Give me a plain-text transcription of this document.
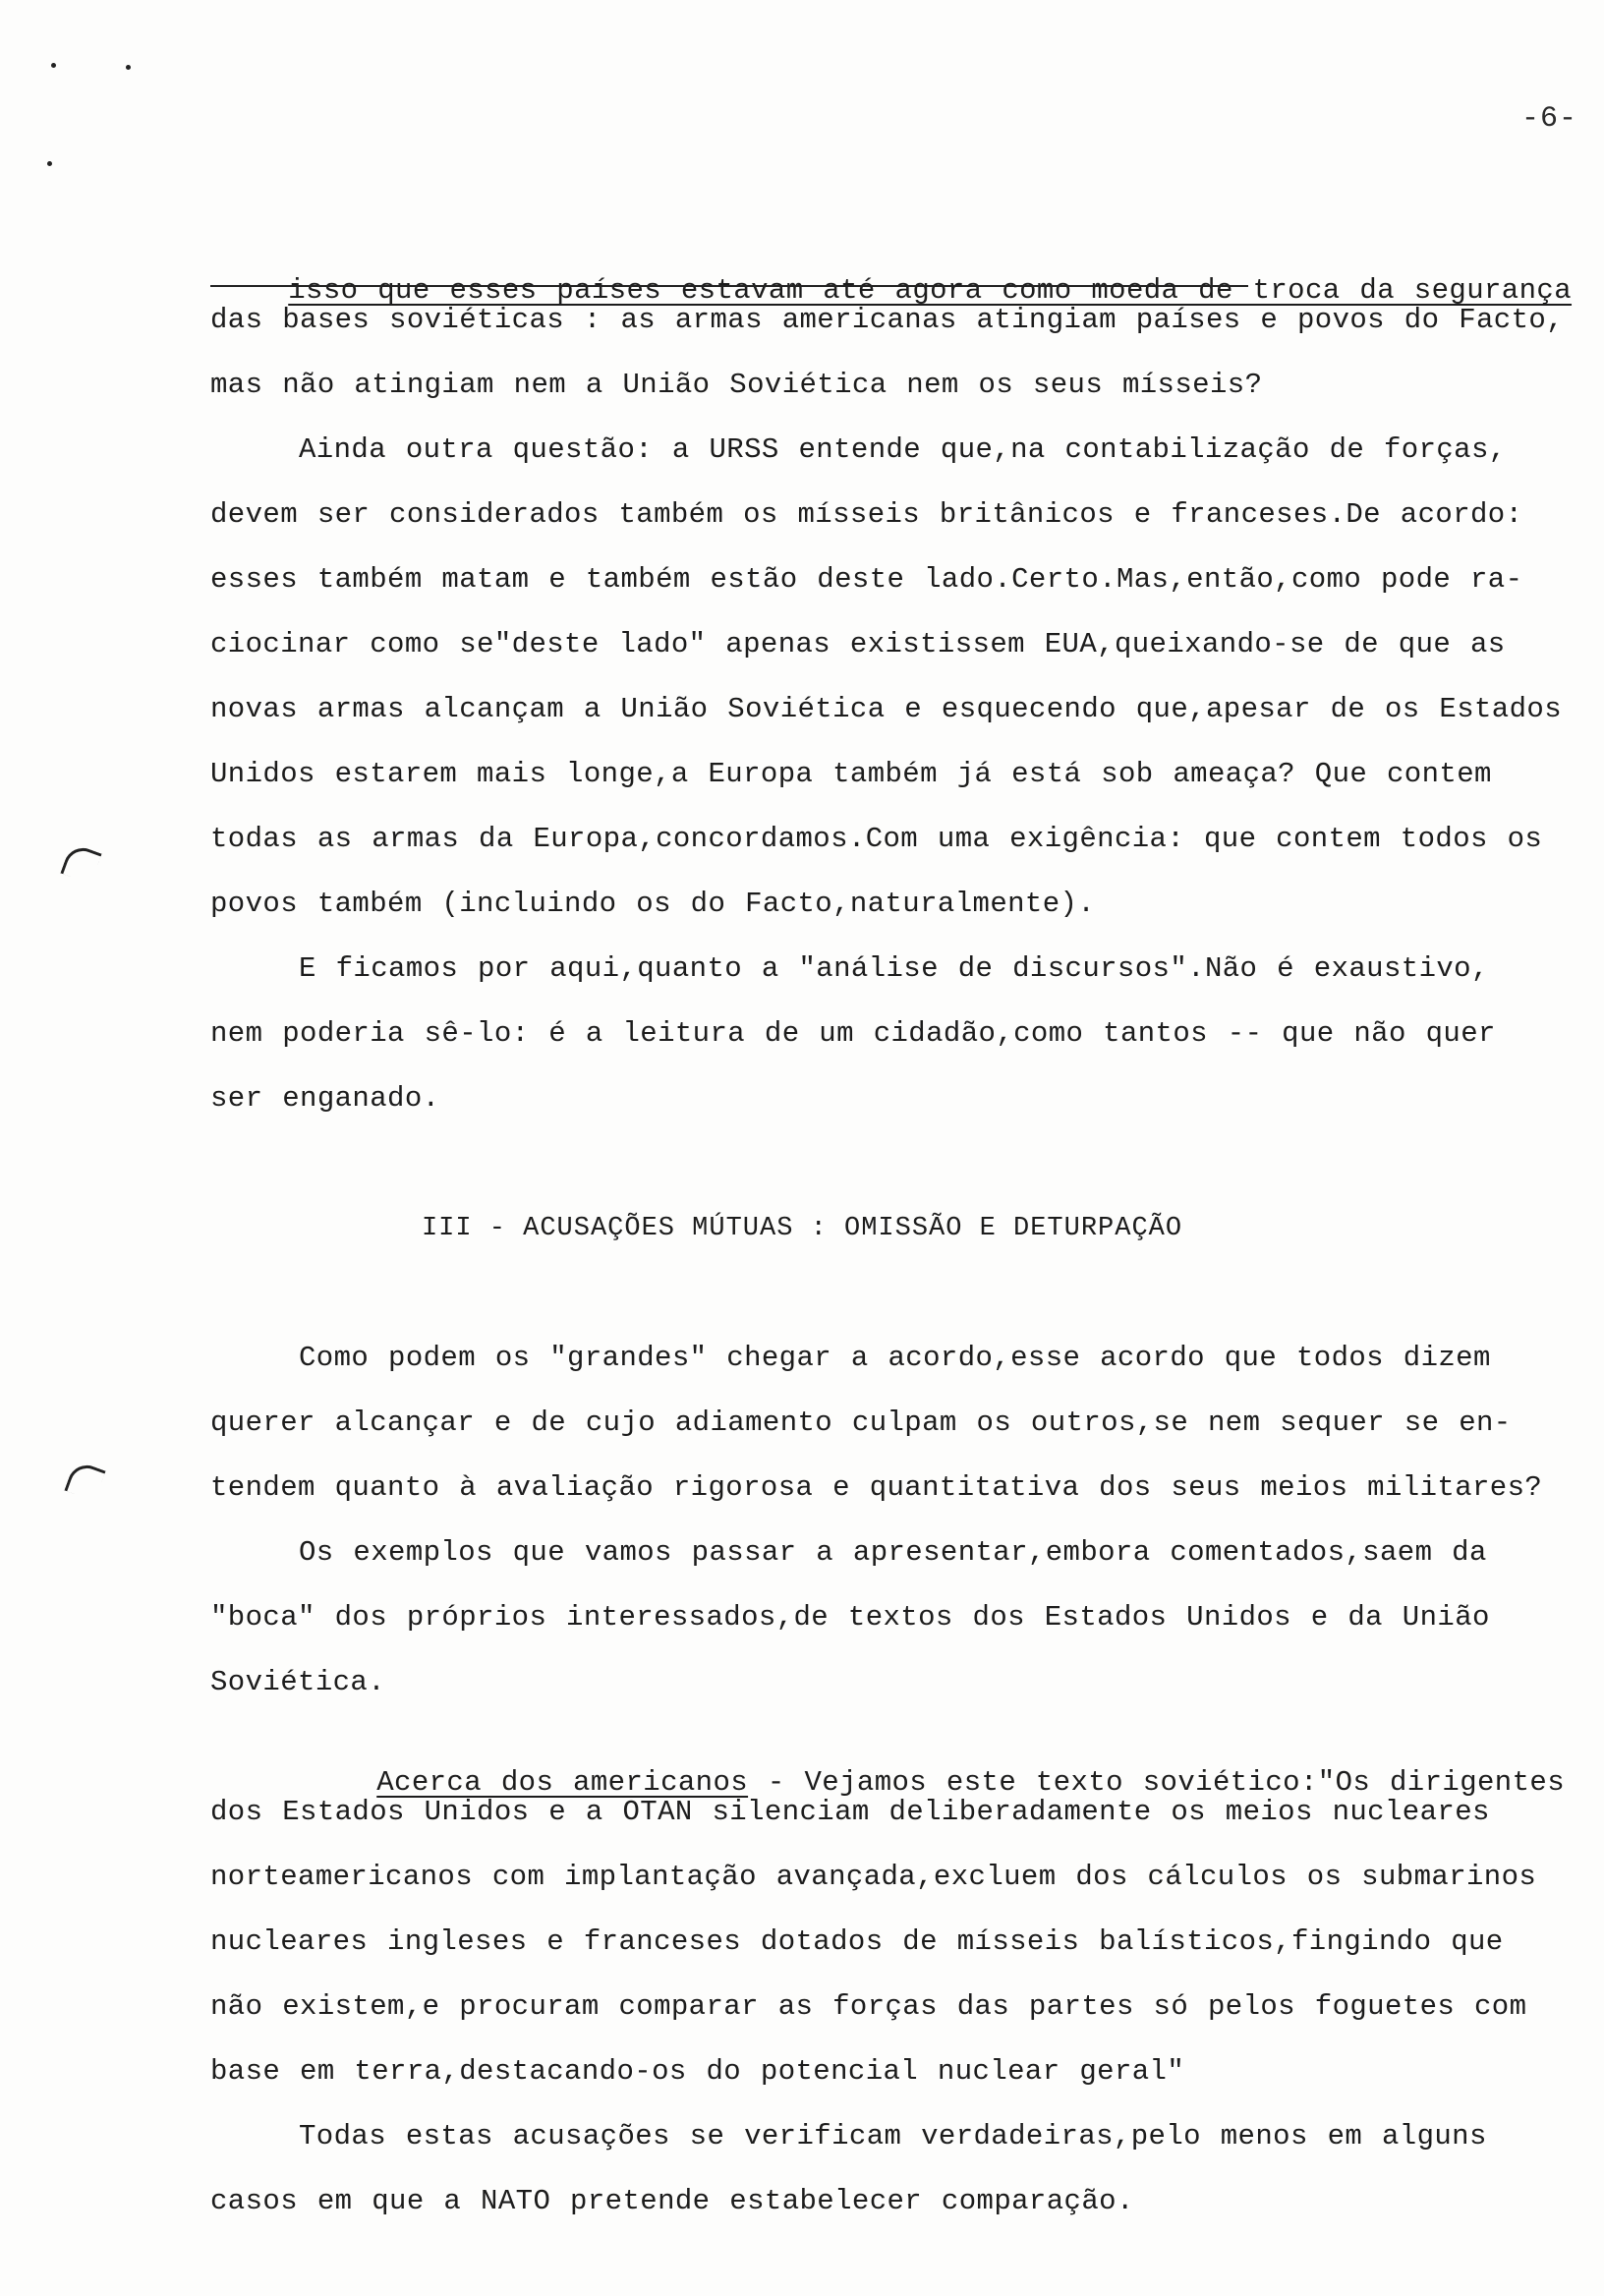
-6-

isso que esses países estavam até agora como moeda de troca da segurança

das bases soviéticas : as armas americanas atingiam países e povos do Facto,
mas não atingiam nem a União Soviética nem os seus mísseis?
Ainda outra questão: a URSS entende que,na contabilização de forças,
devem ser considerados também os mísseis britânicos e franceses.De acordo:
esses também matam e também estão deste lado.Certo.Mas,então,como pode ra-
ciocinar como se"deste lado" apenas existissem EUA,queixando-se de que as
novas armas alcançam a União Soviética e esquecendo que,apesar de os Estados
Unidos estarem mais longe,a Europa também já está sob ameaça? Que contem
todas as armas da Europa,concordamos.Com uma exigência: que contem todos os
povos também (incluindo os do Facto,naturalmente).
E ficamos por aqui,quanto a "análise de discursos".Não é exaustivo,
nem poderia sê-lo: é a leitura de um cidadão,como tantos -- que não quer
ser enganado.
III - ACUSAÇÕES MÚTUAS : OMISSÃO E DETURPAÇÃO
Como podem os "grandes" chegar a acordo,esse acordo que todos dizem
querer alcançar e de cujo adiamento culpam os outros,se nem sequer se en-
tendem quanto à avaliação rigorosa e quantitativa dos seus meios militares?
Os exemplos que vamos passar a apresentar,embora comentados,saem da
"boca" dos próprios interessados,de textos dos Estados Unidos e da União
Soviética.

Acerca dos americanos - Vejamos este texto soviético:"Os dirigentes

dos Estados Unidos e a OTAN silenciam deliberadamente os meios nucleares
norteamericanos com implantação avançada,excluem dos cálculos os submarinos
nucleares ingleses e franceses dotados de mísseis balísticos,fingindo que
não existem,e procuram comparar as forças das partes só pelos foguetes com
base em terra,destacando-os do potencial nuclear geral"
Todas estas acusações se verificam verdadeiras,pelo menos em alguns
casos em que a NATO pretende estabelecer comparação.
